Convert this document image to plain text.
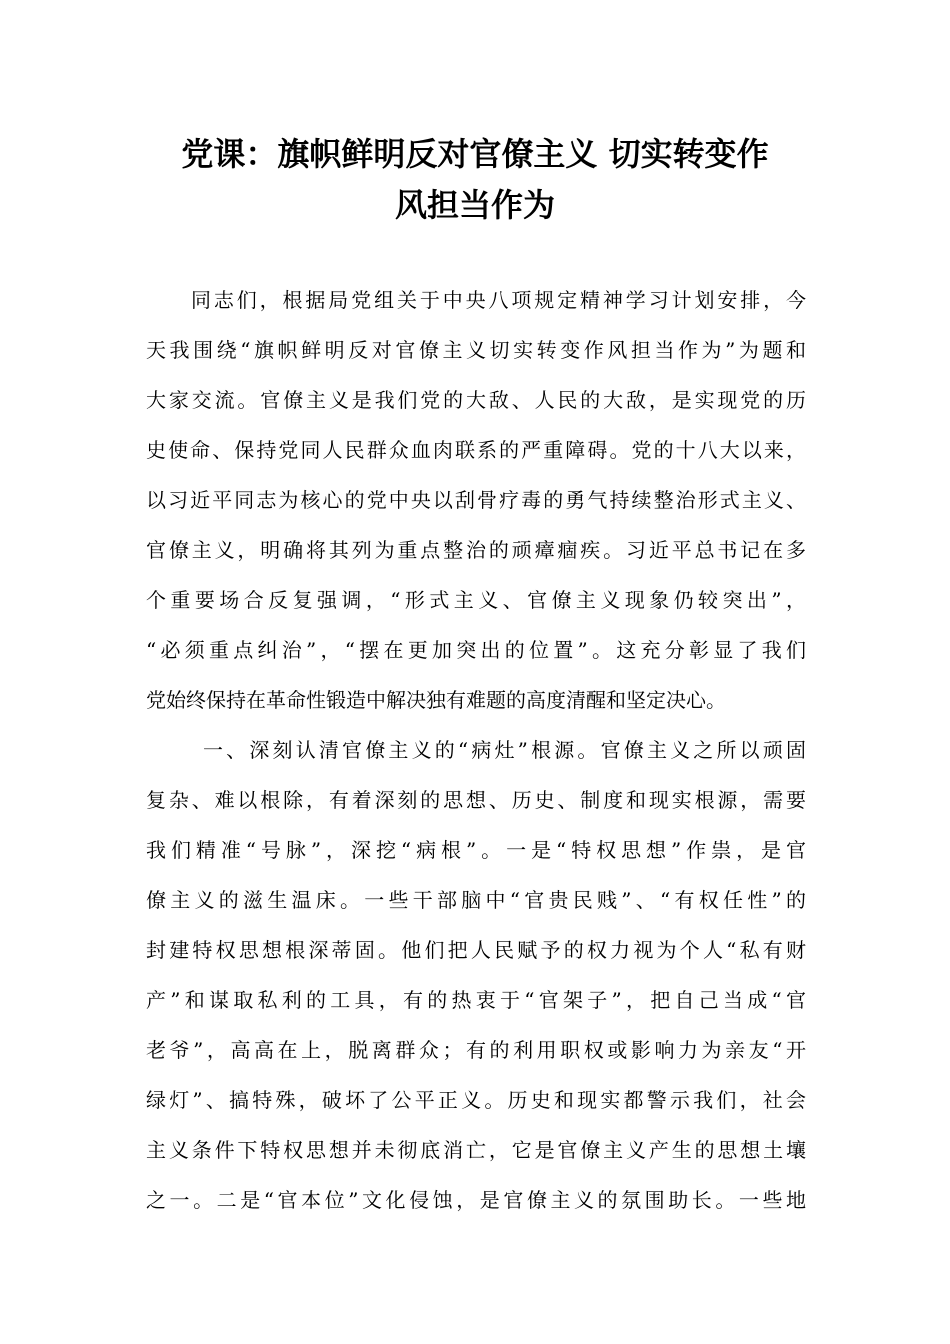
党课：旗帜鲜明反对官僚主义 切实转变作
风担当作为
同志们，根据局党组关于中央八项规定精神学习计划安排，今
天我围绕“旗帜鲜明反对官僚主义切实转变作风担当作为”为题和
大家交流。官僚主义是我们党的大敌、人民的大敌，是实现党的历
史使命、保持党同人民群众血肉联系的严重障碍。党的十八大以来，
以习近平同志为核心的党中央以刮骨疗毒的勇气持续整治形式主义、
官僚主义，明确将其列为重点整治的顽瘴痼疾。习近平总书记在多
个重要场合反复强调，“形式主义、官僚主义现象仍较突出”，
“必须重点纠治”，“摆在更加突出的位置”。这充分彰显了我们
党始终保持在革命性锻造中解决独有难题的高度清醒和坚定决心。
一、深刻认清官僚主义的“病灶”根源。官僚主义之所以顽固
复杂、难以根除，有着深刻的思想、历史、制度和现实根源，需要
我们精准“号脉”，深挖“病根”。一是“特权思想”作祟，是官
僚主义的滋生温床。一些干部脑中“官贵民贱”、“有权任性”的
封建特权思想根深蒂固。他们把人民赋予的权力视为个人“私有财
产”和谋取私利的工具，有的热衷于“官架子”，把自己当成“官
老爷”，高高在上，脱离群众；有的利用职权或影响力为亲友“开
绿灯”、搞特殊，破坏了公平正义。历史和现实都警示我们，社会
主义条件下特权思想并未彻底消亡，它是官僚主义产生的思想土壤
之一。二是“官本位”文化侵蚀，是官僚主义的氛围助长。一些地
